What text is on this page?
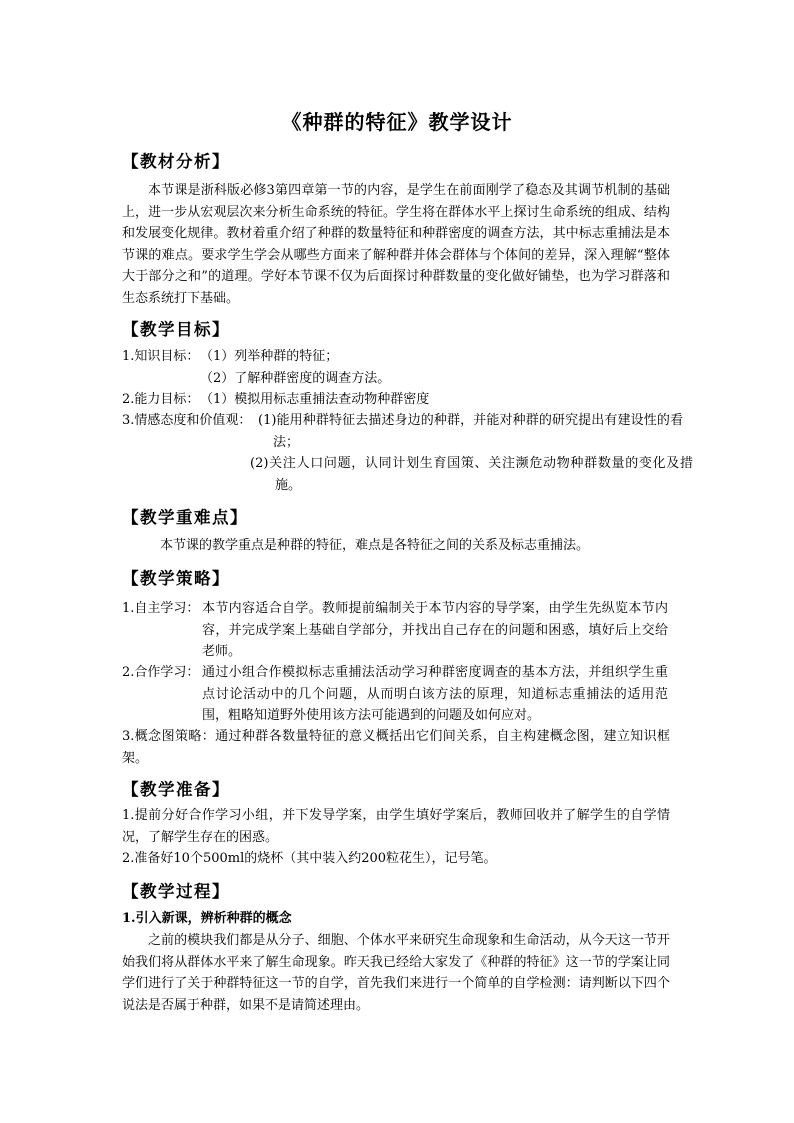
《种群的特征》教学设计
【教材分析】
本节课是浙科版必修3第四章第一节的内容，是学生在前面刚学了稳态及其调节机制的基础上，进一步从宏观层次来分析生命系统的特征。学生将在群体水平上探讨生命系统的组成、结构和发展变化规律。教材着重介绍了种群的数量特征和种群密度的调查方法，其中标志重捕法是本节课的难点。要求学生学会从哪些方面来了解种群并体会群体与个体间的差异，深入理解“整体大于部分之和”的道理。学好本节课不仅为后面探讨种群数量的变化做好铺垫，也为学习群落和生态系统打下基础。
【教学目标】
1.知识目标： （1）列举种群的特征；
（2）了解种群密度的调查方法。
2.能力目标： （1）模拟用标志重捕法查动物种群密度
3.情感态度和价值观： (1)能用种群特征去描述身边的种群，并能对种群的研究提出有建设性的看法；
(2)关注人口问题，认同计划生育国策、关注濒危动物种群数量的变化及措施。
【教学重难点】
本节课的教学重点是种群的特征，难点是各特征之间的关系及标志重捕法。
【教学策略】
1.自主学习： 本节内容适合自学。教师提前编制关于本节内容的导学案，由学生先纵览本节内容，并完成学案上基础自学部分，并找出自己存在的问题和困惑，填好后上交给老师。
2.合作学习： 通过小组合作模拟标志重捕法活动学习种群密度调查的基本方法，并组织学生重点讨论活动中的几个问题，从而明白该方法的原理，知道标志重捕法的适用范围，粗略知道野外使用该方法可能遇到的问题及如何应对。
3.概念图策略：通过种群各数量特征的意义概括出它们间关系，自主构建概念图，建立知识框架。
【教学准备】
1.提前分好合作学习小组，并下发导学案，由学生填好学案后，教师回收并了解学生的自学情况，了解学生存在的困惑。
2.准备好10个500ml的烧杯（其中装入约200粒花生），记号笔。
【教学过程】
1.引入新课，辨析种群的概念
之前的模块我们都是从分子、细胞、个体水平来研究生命现象和生命活动，从今天这一节开始我们将从群体水平来了解生命现象。昨天我已经给大家发了《种群的特征》这一节的学案让同学们进行了关于种群特征这一节的自学，首先我们来进行一个简单的自学检测：请判断以下四个说法是否属于种群，如果不是请简述理由。
